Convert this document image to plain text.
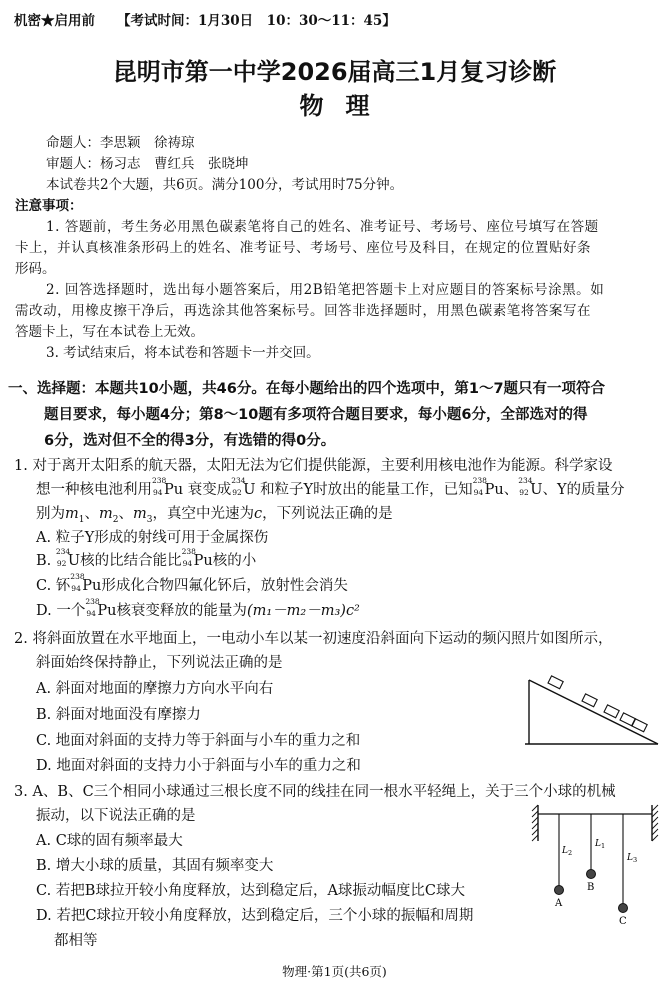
机密★启用前 【考试时间：1月30日　10：30～11：45】
昆明市第一中学2026届高三1月复习诊断
物理
命题人：李思颖　徐祷琼
审题人：杨习志　曹红兵　张晓坤
本试卷共2个大题，共6页。满分100分，考试用时75分钟。
注意事项：
1. 答题前，考生务必用黑色碳素笔将自己的姓名、准考证号、考场号、座位号填写在答题
卡上，并认真核准条形码上的姓名、准考证号、考场号、座位号及科目，在规定的位置贴好条
形码。
2. 回答选择题时，选出每小题答案后，用2B铅笔把答题卡上对应题目的答案标号涂黑。如
需改动，用橡皮擦干净后，再选涂其他答案标号。回答非选择题时，用黑色碳素笔将答案写在
答题卡上，写在本试卷上无效。
3. 考试结束后，将本试卷和答题卡一并交回。
一、选择题：本题共10小题，共46分。在每小题给出的四个选项中，第1～7题只有一项符合
题目要求，每小题4分；第8～10题有多项符合题目要求，每小题6分，全部选对的得
6分，选对但不全的得3分，有选错的得0分。
1. 对于离开太阳系的航天器，太阳无法为它们提供能源，主要利用核电池作为能源。科学家设
想一种核电池利用
238
94 Pu 衰变成
234
92 U 和粒子Y时放出的能量工作，已知
238
94 Pu、
234
92 U、Y的质量分
别为$m_1$、$m_2$、$m_3$，真空中光速为c，下列说法正确的是
A. 粒子Y形成的射线可用于金属探伤
B.
234
92 U核的比结合能比
238
94 Pu核的小
C. 钚
238
94 Pu形成化合物四氟化钚后，放射性会消失
D. 一个
238
94 Pu核衰变释放的能量为(m₁－m₂－m₃)c²
2. 将斜面放置在水平地面上，一电动小车以某一初速度沿斜面向下运动的频闪照片如图所示，
斜面始终保持静止，下列说法正确的是
A. 斜面对地面的摩擦力方向水平向右
B. 斜面对地面没有摩擦力
C. 地面对斜面的支持力等于斜面与小车的重力之和
D. 地面对斜面的支持力小于斜面与小车的重力之和
3. A、B、C三个相同小球通过三根长度不同的线挂在同一根水平轻绳上，关于三个小球的机械
振动，以下说法正确的是
A. C球的固有频率最大
B. 增大小球的质量，其固有频率变大
C. 若把B球拉开较小角度释放，达到稳定后，A球振动幅度比C球大
D. 若把C球拉开较小角度释放，达到稳定后，三个小球的振幅和周期
都相等
$L_2$
$L_1$
$L_3$
A
B
C
物理·第1页(共6页)
